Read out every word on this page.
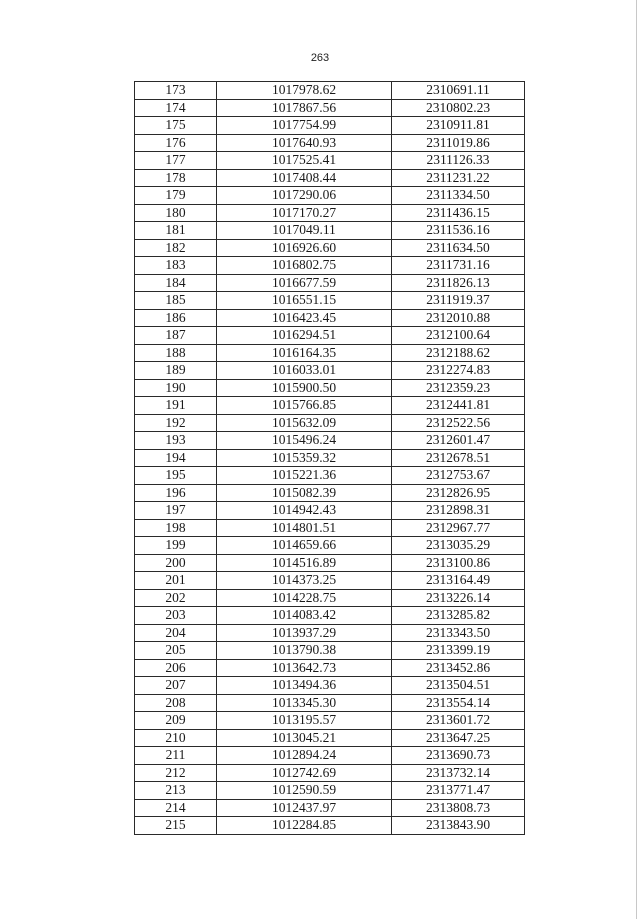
263
173	1017978.62	2310691.11
174	1017867.56	2310802.23
175	1017754.99	2310911.81
176	1017640.93	2311019.86
177	1017525.41	2311126.33
178	1017408.44	2311231.22
179	1017290.06	2311334.50
180	1017170.27	2311436.15
181	1017049.11	2311536.16
182	1016926.60	2311634.50
183	1016802.75	2311731.16
184	1016677.59	2311826.13
185	1016551.15	2311919.37
186	1016423.45	2312010.88
187	1016294.51	2312100.64
188	1016164.35	2312188.62
189	1016033.01	2312274.83
190	1015900.50	2312359.23
191	1015766.85	2312441.81
192	1015632.09	2312522.56
193	1015496.24	2312601.47
194	1015359.32	2312678.51
195	1015221.36	2312753.67
196	1015082.39	2312826.95
197	1014942.43	2312898.31
198	1014801.51	2312967.77
199	1014659.66	2313035.29
200	1014516.89	2313100.86
201	1014373.25	2313164.49
202	1014228.75	2313226.14
203	1014083.42	2313285.82
204	1013937.29	2313343.50
205	1013790.38	2313399.19
206	1013642.73	2313452.86
207	1013494.36	2313504.51
208	1013345.30	2313554.14
209	1013195.57	2313601.72
210	1013045.21	2313647.25
211	1012894.24	2313690.73
212	1012742.69	2313732.14
213	1012590.59	2313771.47
214	1012437.97	2313808.73
215	1012284.85	2313843.90
